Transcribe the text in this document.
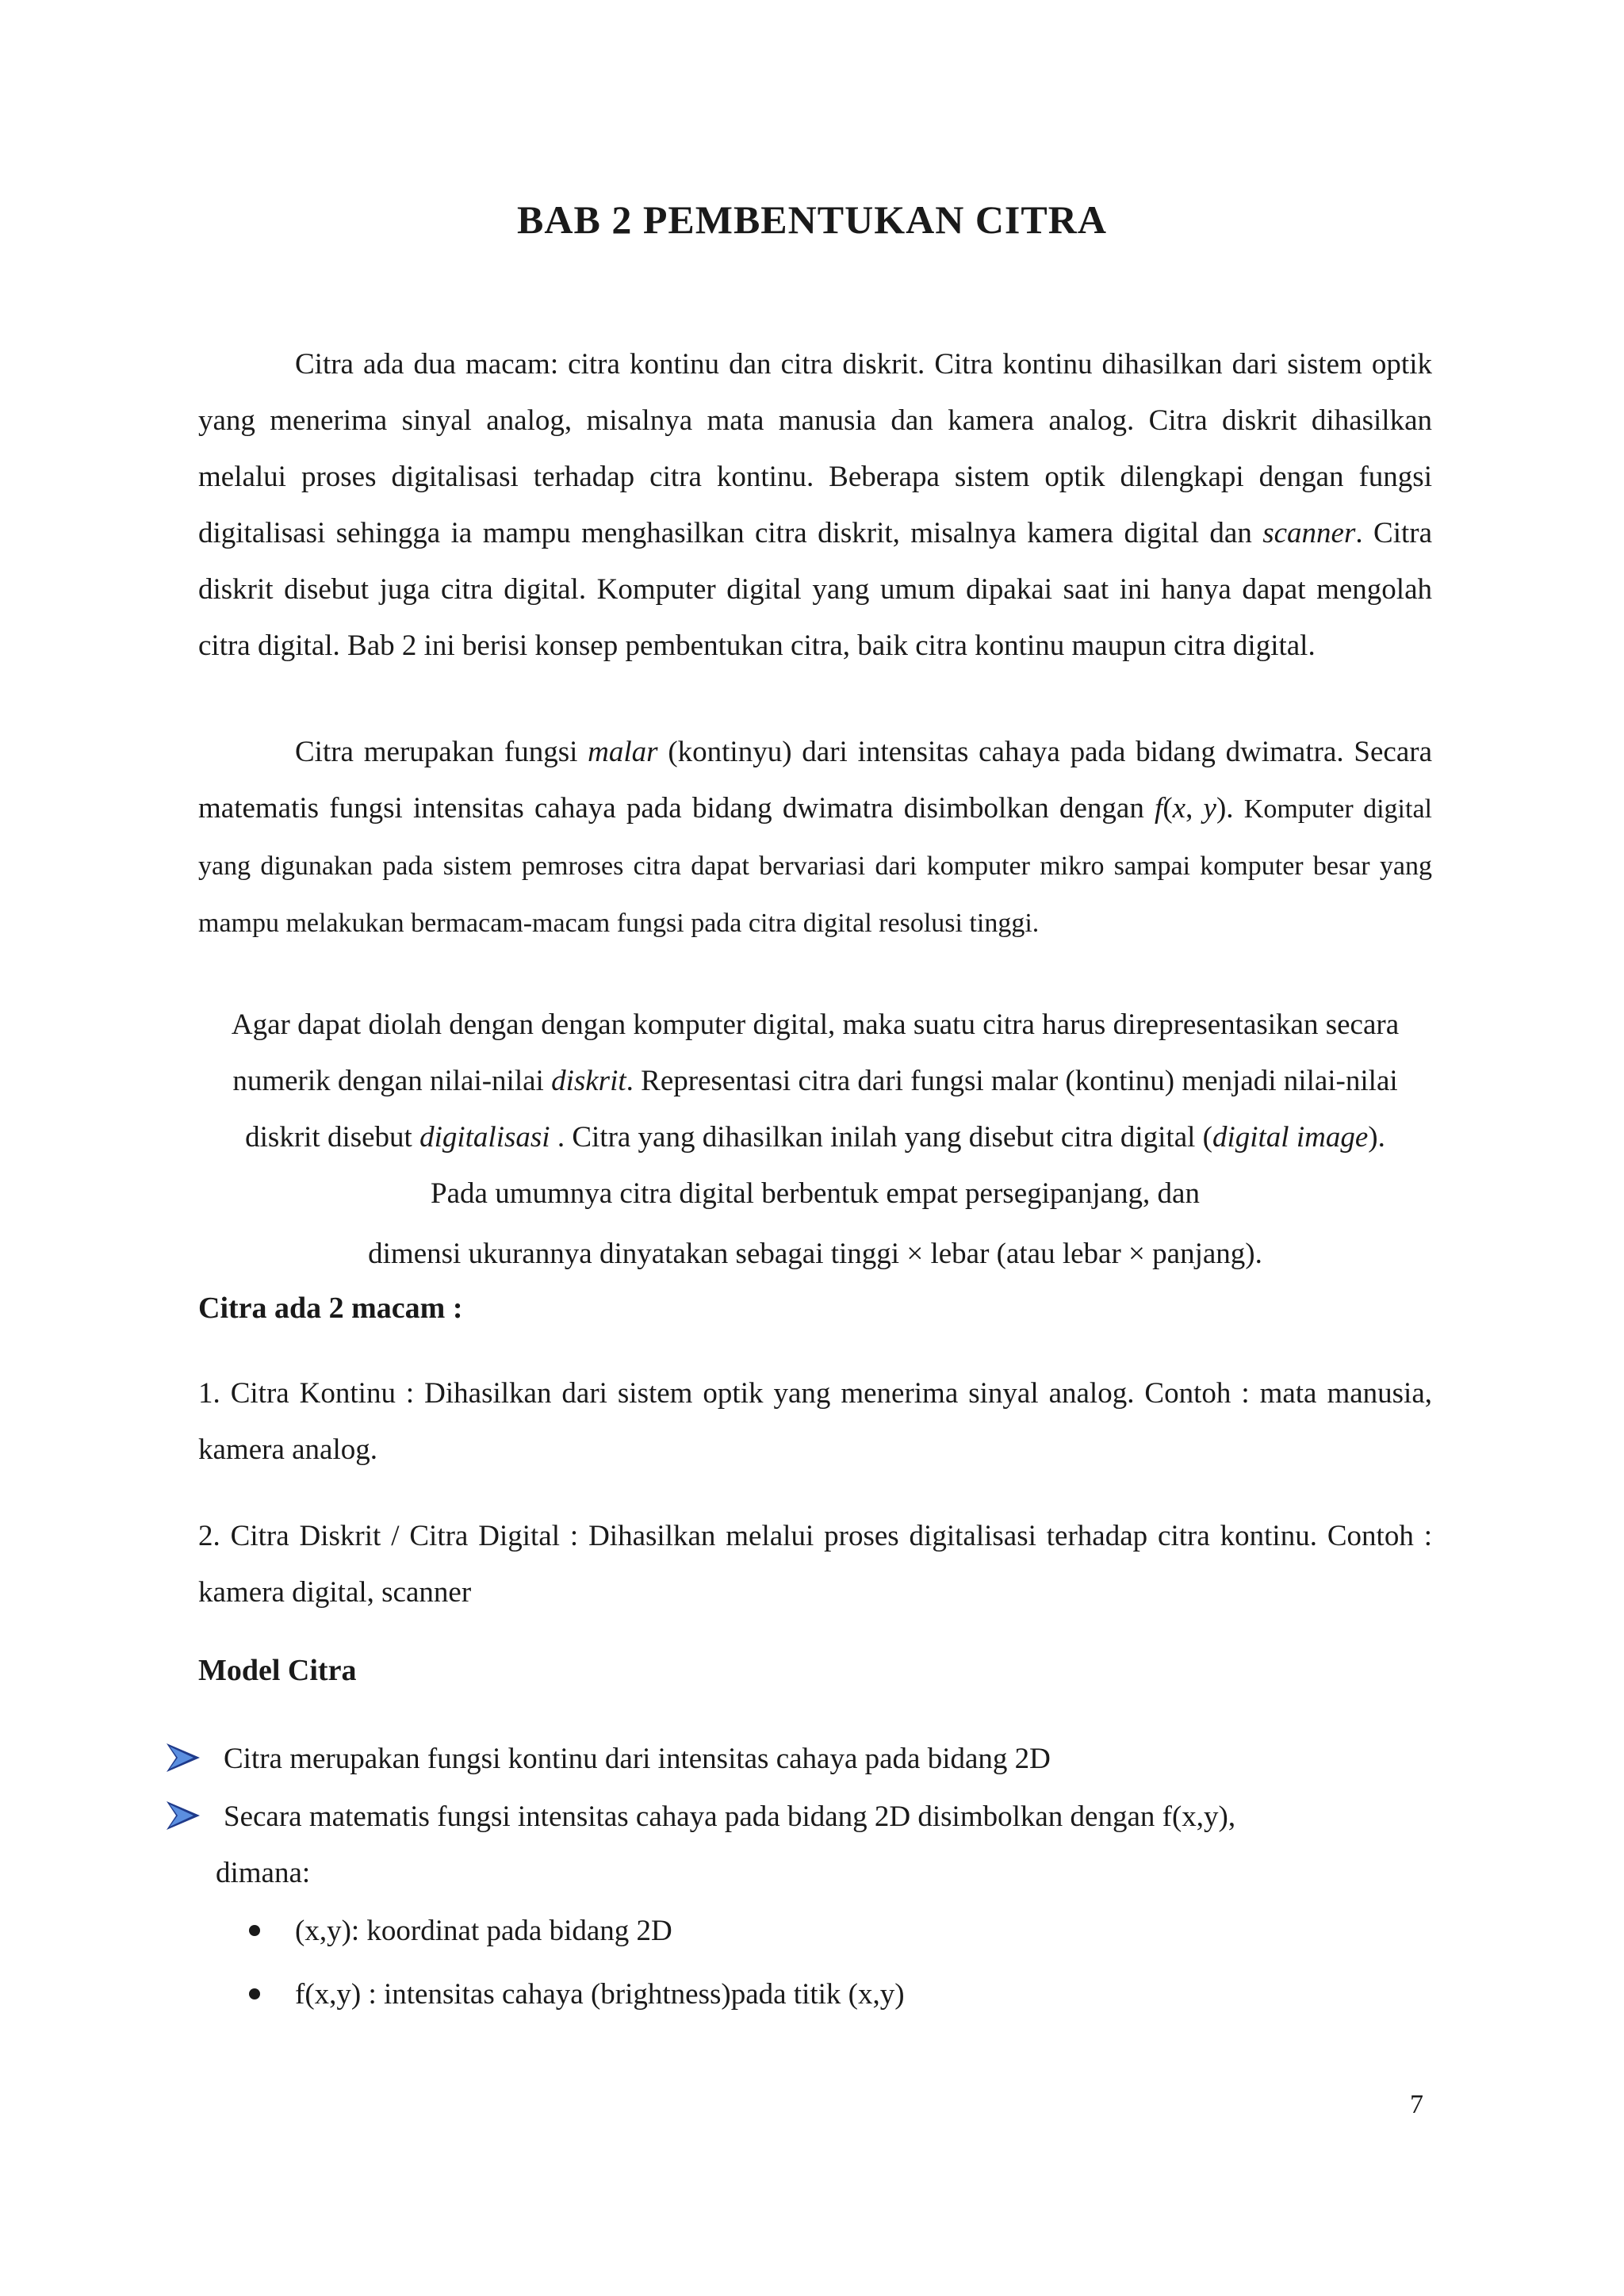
BAB 2 PEMBENTUKAN CITRA

Citra ada dua macam: citra kontinu dan citra diskrit. Citra kontinu dihasilkan dari sistem optik yang menerima sinyal analog, misalnya mata manusia dan kamera analog. Citra diskrit dihasilkan melalui proses digitalisasi terhadap citra kontinu. Beberapa sistem optik dilengkapi dengan fungsi digitalisasi sehingga ia mampu menghasilkan citra diskrit, misalnya kamera digital dan scanner. Citra diskrit disebut juga citra digital. Komputer digital yang umum dipakai saat ini hanya dapat mengolah citra digital. Bab 2 ini berisi konsep pembentukan citra, baik citra kontinu maupun citra digital.

Citra merupakan fungsi malar (kontinyu) dari intensitas cahaya pada bidang dwimatra. Secara matematis fungsi intensitas cahaya pada bidang dwimatra disimbolkan dengan f(x, y). Komputer digital yang digunakan pada sistem pemroses citra dapat bervariasi dari komputer mikro sampai komputer besar yang mampu melakukan bermacam-macam fungsi pada citra digital resolusi tinggi.

Agar dapat diolah dengan dengan komputer digital, maka suatu citra harus direpresentasikan secara numerik dengan nilai-nilai diskrit. Representasi citra dari fungsi malar (kontinu) menjadi nilai-nilai diskrit disebut digitalisasi . Citra yang dihasilkan inilah yang disebut citra digital (digital image). Pada umumnya citra digital berbentuk empat persegipanjang, dan

dimensi ukurannya dinyatakan sebagai tinggi × lebar (atau lebar × panjang).

Citra ada 2 macam :

1. Citra Kontinu : Dihasilkan dari sistem optik yang menerima sinyal analog. Contoh : mata manusia, kamera analog.

2. Citra Diskrit / Citra Digital : Dihasilkan melalui proses digitalisasi terhadap citra kontinu. Contoh : kamera digital, scanner

Model Citra

Citra merupakan fungsi kontinu dari intensitas cahaya pada bidang 2D
Secara matematis fungsi intensitas cahaya pada bidang 2D disimbolkan dengan f(x,y),
dimana:
(x,y): koordinat pada bidang 2D
f(x,y) : intensitas cahaya (brightness)pada titik (x,y)

7
